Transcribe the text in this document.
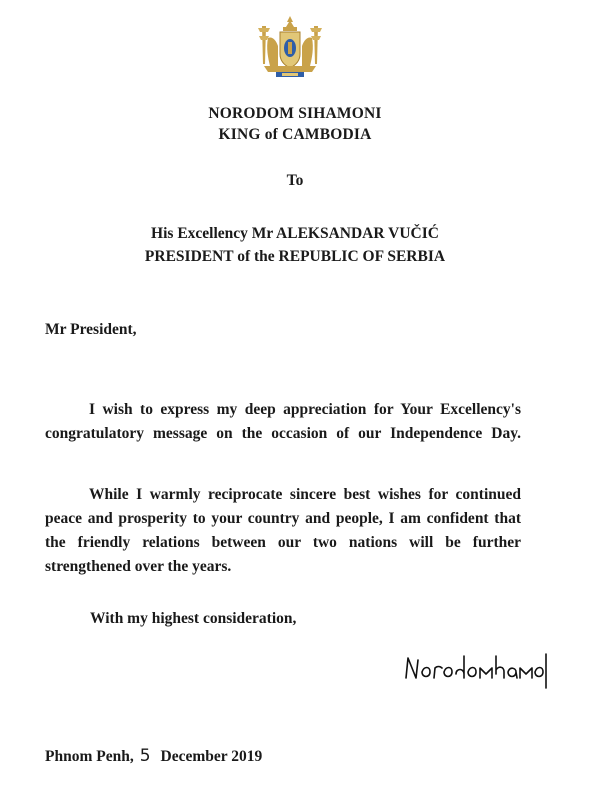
NORODOM SIHAMONI
KING of CAMBODIA
To
His Excellency Mr ALEKSANDAR VUČIĆ
PRESIDENT of the REPUBLIC OF SERBIA
Mr President,
I wish to express my deep appreciation for Your Excellency's
congratulatory message on the occasion of our Independence Day.
While I warmly reciprocate sincere best wishes for continued
peace and prosperity to your country and people, I am confident that
the friendly relations between our two nations will be further
strengthened over the years.
With my highest consideration,
Phnom Penh, 5 December 2019
